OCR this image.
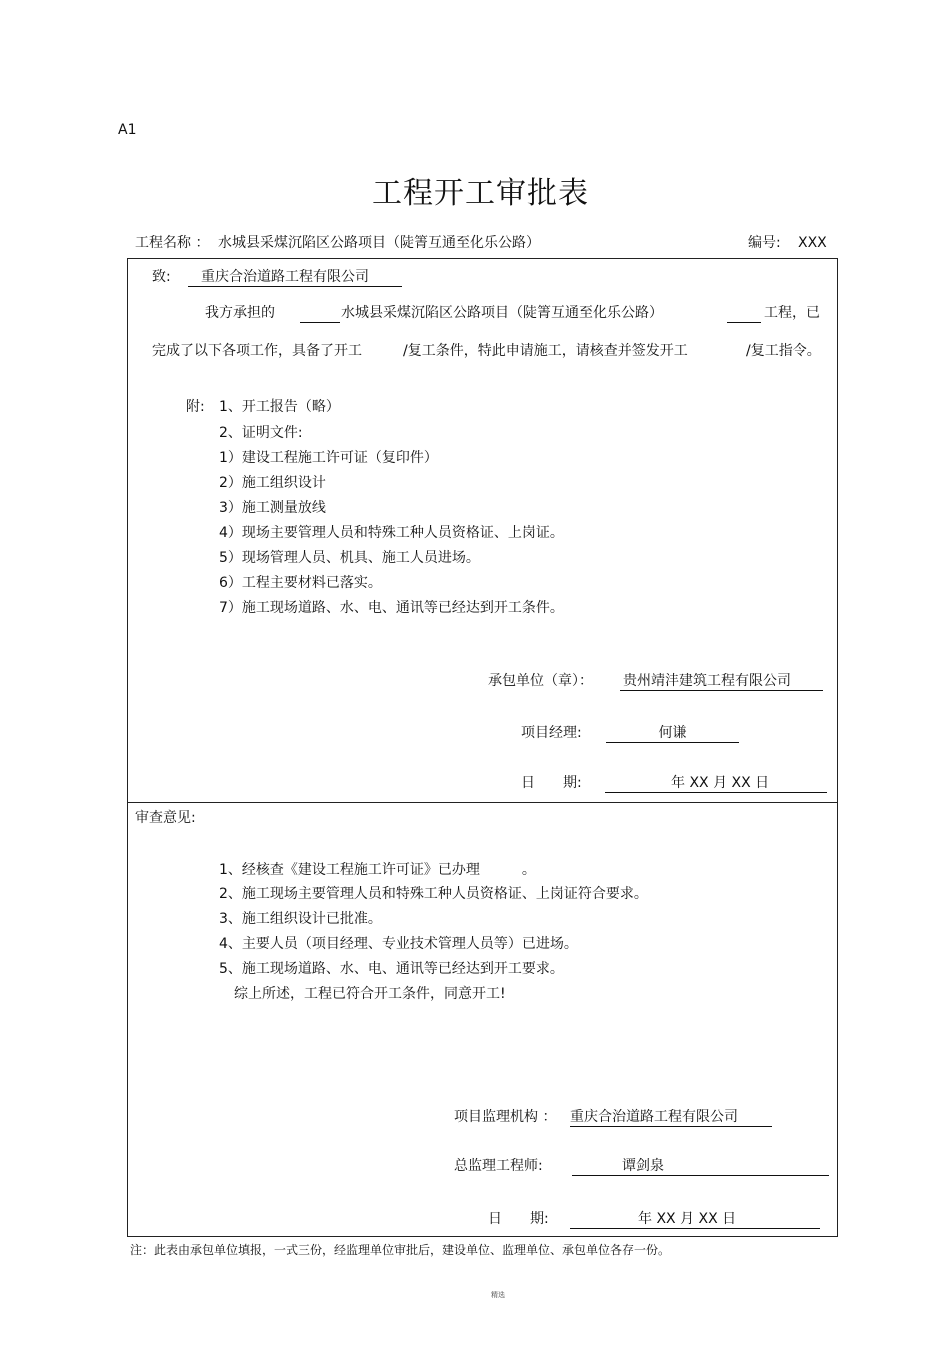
A1
工程开工审批表
工程名称 ： 水城县采煤沉陷区公路项目（陡箐互通至化乐公路）	编号: XXX
致:	重庆合治道路工程有限公司
我方承担的	水城县采煤沉陷区公路项目（陡箐互通至化乐公路）	工程，已
完成了以下各项工作，具备了开工	/复工条件，特此申请施工，请核查并签发开工	/复工指令。
附: 1、开工报告（略）
2、证明文件:
1）建设工程施工许可证（复印件）
2）施工组织设计
3）施工测量放线
4）现场主要管理人员和特殊工种人员资格证、上岗证。
5）现场管理人员、机具、施工人员进场。
6）工程主要材料已落实。
7）施工现场道路、水、电、通讯等已经达到开工条件。
承包单位（章）： 贵州靖沣建筑工程有限公司
项目经理:	何谦
日　　期:	年 XX 月 XX 日
审查意见:
1、经核查《建设工程施工许可证》已办理　　　。
2、施工现场主要管理人员和特殊工种人员资格证、上岗证符合要求。
3、施工组织设计已批准。
4、主要人员（项目经理、专业技术管理人员等）已进场。
5、施工现场道路、水、电、通讯等已经达到开工要求。
综上所述，工程已符合开工条件，同意开工!
项目监理机构 ： 重庆合治道路工程有限公司
总监理工程师:	谭剑泉
日　　期:	年 XX 月 XX 日
注：此表由承包单位填报，一式三份，经监理单位审批后，建设单位、监理单位、承包单位各存一份。
精选
